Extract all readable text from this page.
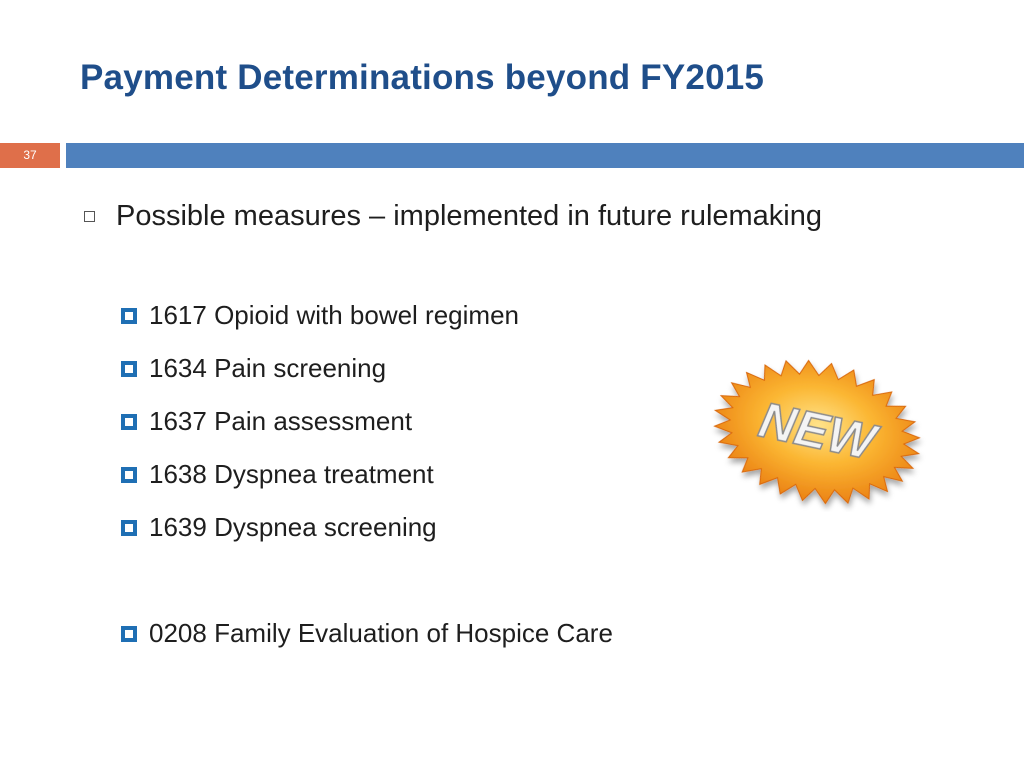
Payment Determinations beyond FY2015
37
Possible measures – implemented in future rulemaking
1617 Opioid with bowel regimen
1634 Pain screening
1637 Pain assessment
1638 Dyspnea treatment
1639 Dyspnea screening
0208 Family Evaluation of Hospice Care
NEW
